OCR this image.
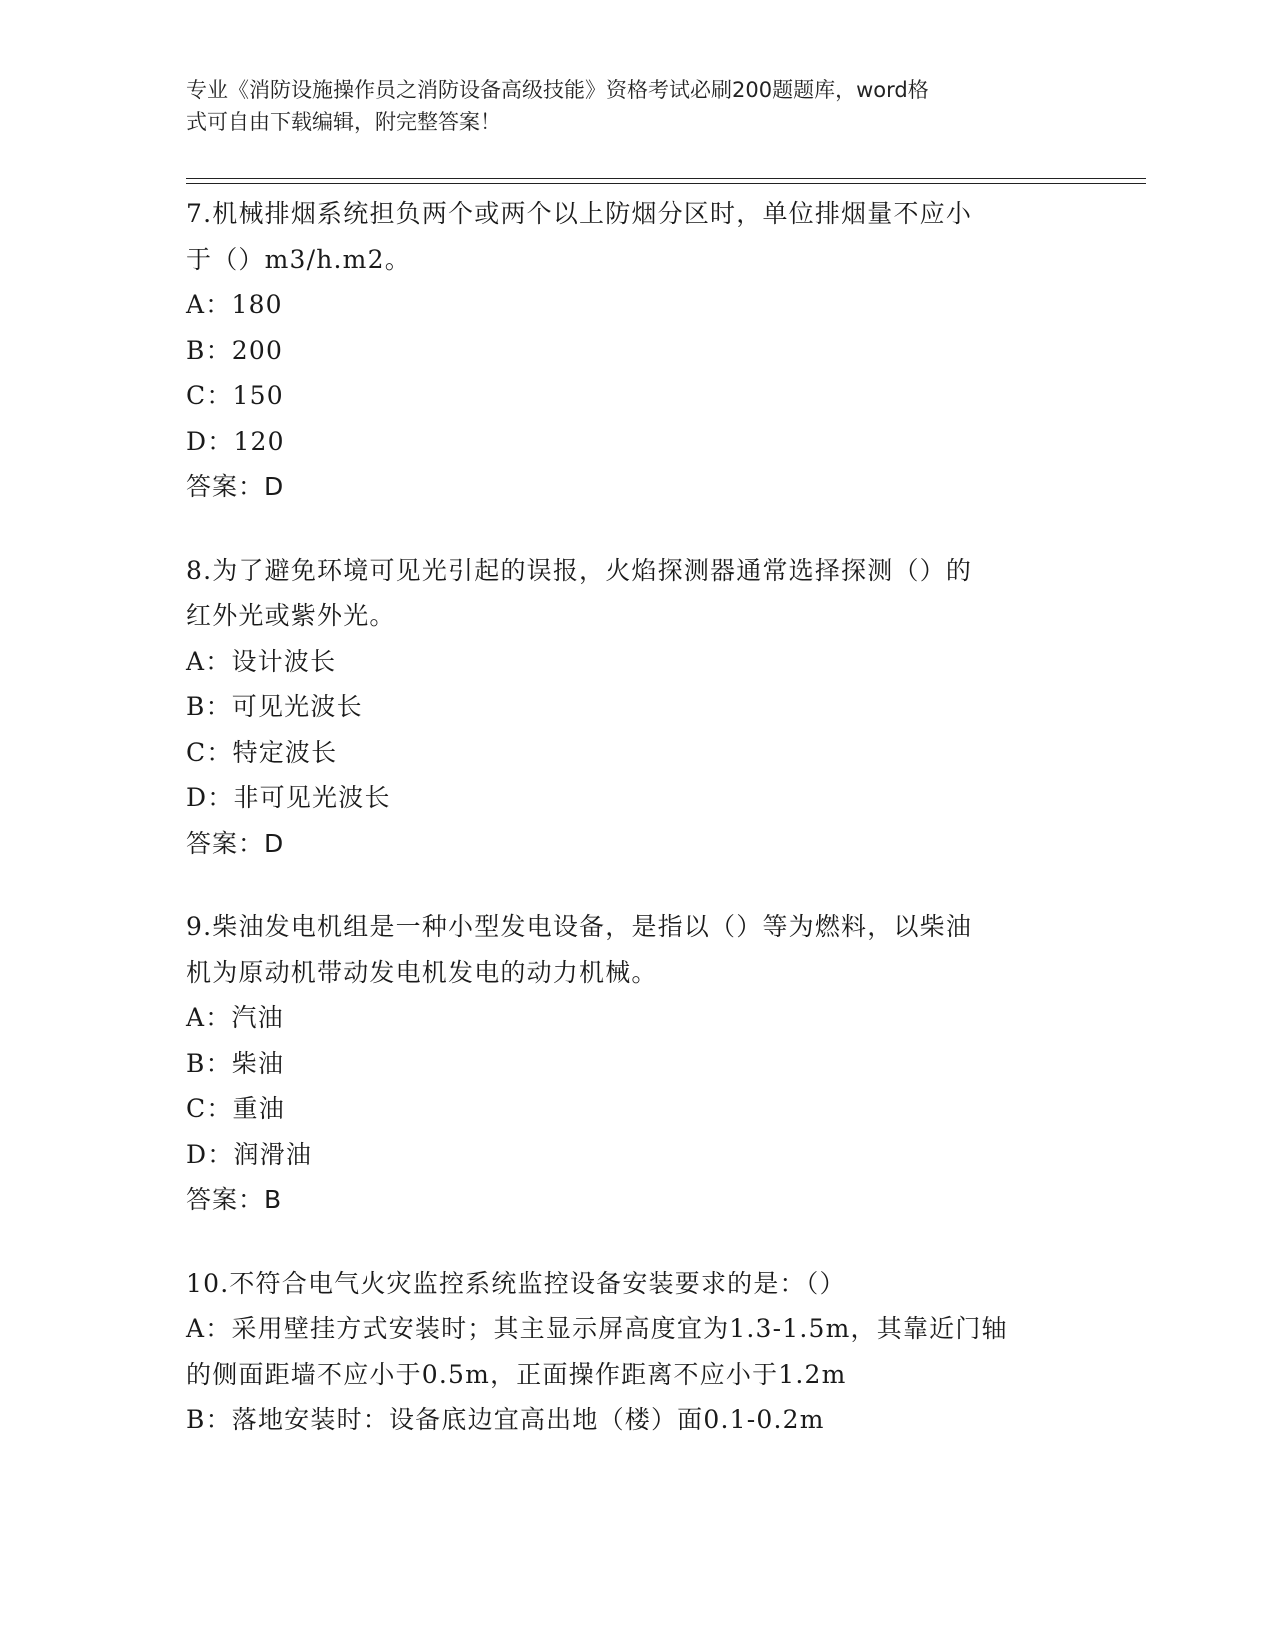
专业《消防设施操作员之消防设备高级技能》资格考试必刷200题题库，word格
式可自由下载编辑，附完整答案！
7.机械排烟系统担负两个或两个以上防烟分区时，单位排烟量不应小
于（）m3/h.m2。
A： 180
B： 200
C： 150
D： 120
答案：D
8.为了避免环境可见光引起的误报，火焰探测器通常选择探测（）的
红外光或紫外光。
A： 设计波长
B： 可见光波长
C： 特定波长
D： 非可见光波长
答案：D
9.柴油发电机组是一种小型发电设备，是指以（）等为燃料，以柴油
机为原动机带动发电机发电的动力机械。
A： 汽油
B： 柴油
C： 重油
D： 润滑油
答案：B
10.不符合电气火灾监控系统监控设备安装要求的是：（）
A： 采用壁挂方式安装时；其主显示屏高度宜为1.3-1.5m，其靠近门轴
的侧面距墙不应小于0.5m，正面操作距离不应小于1.2m
B： 落地安装时：设备底边宜高出地（楼）面0.1-0.2m
